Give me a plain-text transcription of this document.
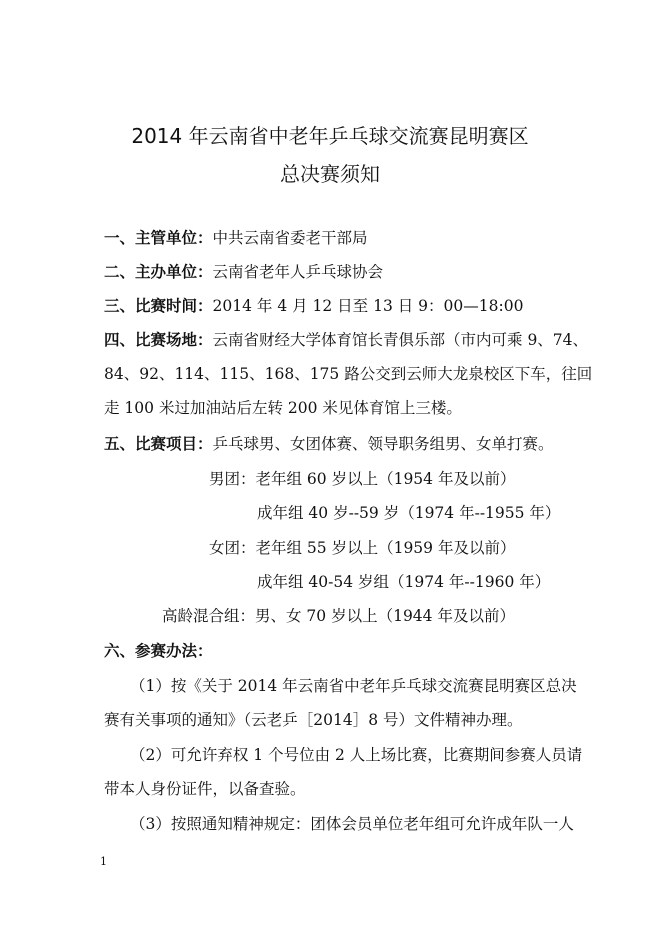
2014 年云南省中老年乒乓球交流赛昆明赛区
总决赛须知
一、主管单位：中共云南省委老干部局
二、主办单位：云南省老年人乒乓球协会
三、比赛时间：2014 年 4 月 12 日至 13 日 9：00—18:00
四、比赛场地：云南省财经大学体育馆长青俱乐部（市内可乘 9、74、
84、92、114、115、168、175 路公交到云师大龙泉校区下车，往回
走 100 米过加油站后左转 200 米见体育馆上三楼。
五、比赛项目：乒乓球男、女团体赛、领导职务组男、女单打赛。
男团：老年组 60 岁以上（1954 年及以前）
成年组 40 岁--59 岁（1974 年--1955 年）
女团：老年组 55 岁以上（1959 年及以前）
成年组 40-54 岁组（1974 年--1960 年）
高龄混合组：男、女 70 岁以上（1944 年及以前）
六、参赛办法：
（1）按《关于 2014 年云南省中老年乒乓球交流赛昆明赛区总决
赛有关事项的通知》（云老乒［2014］8 号）文件精神办理。
（2）可允许弃权 1 个号位由 2 人上场比赛，比赛期间参赛人员请
带本人身份证件，以备查验。
（3）按照通知精神规定：团体会员单位老年组可允许成年队一人
1
